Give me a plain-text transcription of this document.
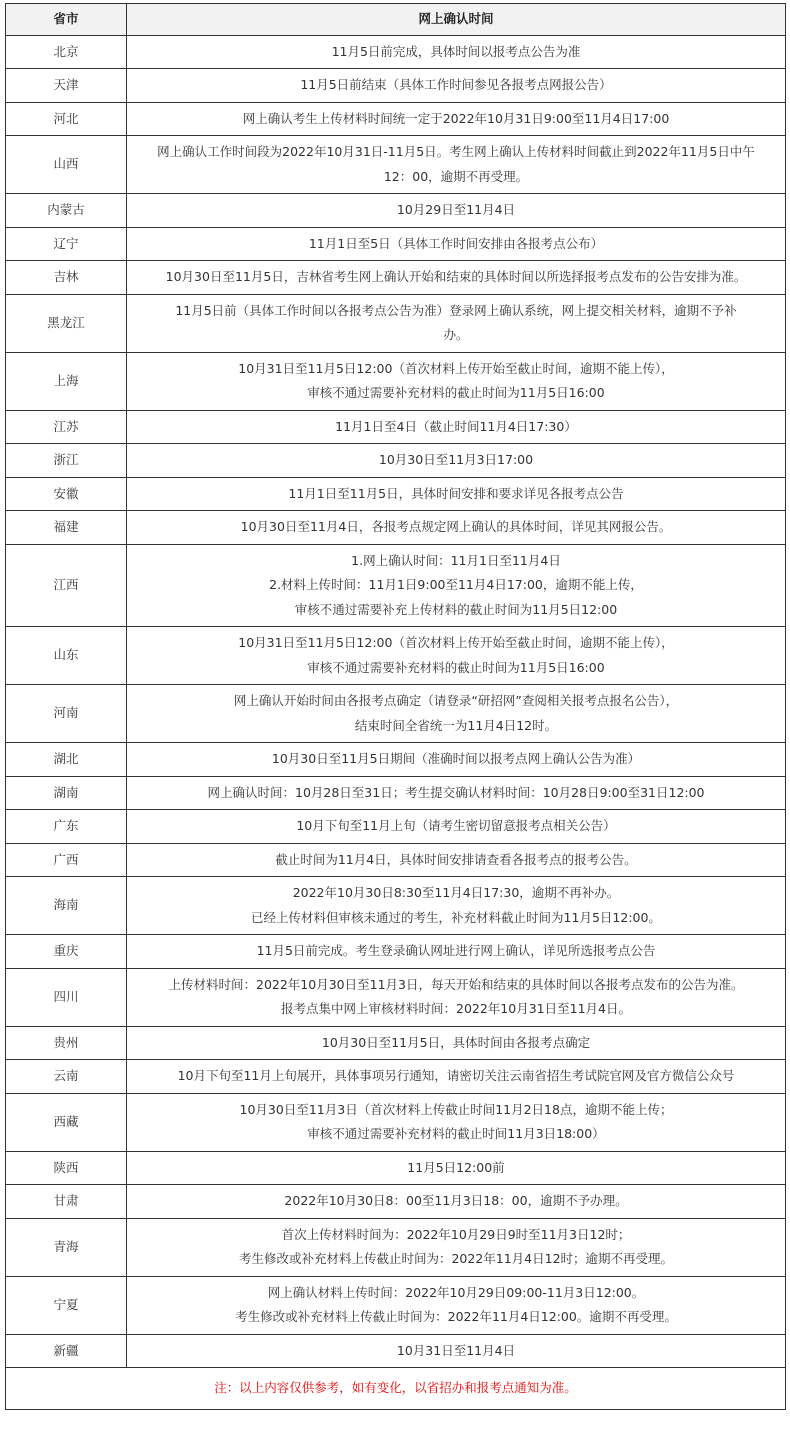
省市	网上确认时间
北京	11月5日前完成，具体时间以报考点公告为准

天津	11月5日前结束（具体工作时间参见各报考点网报公告）

河北	网上确认考生上传材料时间统一定于2022年10月31日9:00至11月4日17:00

山西	网上确认工作时间段为2022年10月31日-11月5日。考生网上确认上传材料时间截止到2022年11月5日中午
12：00，逾期不再受理。

内蒙古	10月29日至11月4日

辽宁	11月1日至5日（具体工作时间安排由各报考点公布）

吉林	10月30日至11月5日，吉林省考生网上确认开始和结束的具体时间以所选择报考点发布的公告安排为准。

黑龙江	11月5日前（具体工作时间以各报考点公告为准）登录网上确认系统，网上提交相关材料，逾期不予补
办。

上海	10月31日至11月5日12:00（首次材料上传开始至截止时间，逾期不能上传），
审核不通过需要补充材料的截止时间为11月5日16:00

江苏	11月1日至4日（截止时间11月4日17:30）

浙江	10月30日至11月3日17:00

安徽	11月1日至11月5日，具体时间安排和要求详见各报考点公告

福建	10月30日至11月4日，各报考点规定网上确认的具体时间，详见其网报公告。

江西	1.网上确认时间：11月1日至11月4日
2.材料上传时间：11月1日9:00至11月4日17:00，逾期不能上传，
审核不通过需要补充上传材料的截止时间为11月5日12:00

山东	10月31日至11月5日12:00（首次材料上传开始至截止时间，逾期不能上传），
审核不通过需要补充材料的截止时间为11月5日16:00

河南	网上确认开始时间由各报考点确定（请登录“研招网”查阅相关报考点报名公告），
结束时间全省统一为11月4日12时。

湖北	10月30日至11月5日期间（准确时间以报考点网上确认公告为准）

湖南	网上确认时间：10月28日至31日；考生提交确认材料时间：10月28日9:00至31日12:00

广东	10月下旬至11月上旬（请考生密切留意报考点相关公告）

广西	截止时间为11月4日，具体时间安排请查看各报考点的报考公告。

海南	2022年10月30日8:30至11月4日17:30，逾期不再补办。
已经上传材料但审核未通过的考生，补充材料截止时间为11月5日12:00。

重庆	11月5日前完成。考生登录确认网址进行网上确认，详见所选报考点公告

四川	上传材料时间：2022年10月30日至11月3日，每天开始和结束的具体时间以各报考点发布的公告为准。
报考点集中网上审核材料时间：2022年10月31日至11月4日。

贵州	10月30日至11月5日，具体时间由各报考点确定

云南	10月下旬至11月上旬展开，具体事项另行通知，请密切关注云南省招生考试院官网及官方微信公众号

西藏	10月30日至11月3日（首次材料上传截止时间11月2日18点，逾期不能上传；
审核不通过需要补充材料的截止时间11月3日18:00）

陕西	11月5日12:00前

甘肃	2022年10月30日8：00至11月3日18：00，逾期不予办理。

青海	首次上传材料时间为：2022年10月29日9时至11月3日12时；
考生修改或补充材料上传截止时间为：2022年11月4日12时；逾期不再受理。

宁夏	网上确认材料上传时间：2022年10月29日09:00-11月3日12:00。
考生修改或补充材料上传截止时间为：2022年11月4日12:00。逾期不再受理。

新疆	10月31日至11月4日

注：以上内容仅供参考，如有变化，以省招办和报考点通知为准。	
